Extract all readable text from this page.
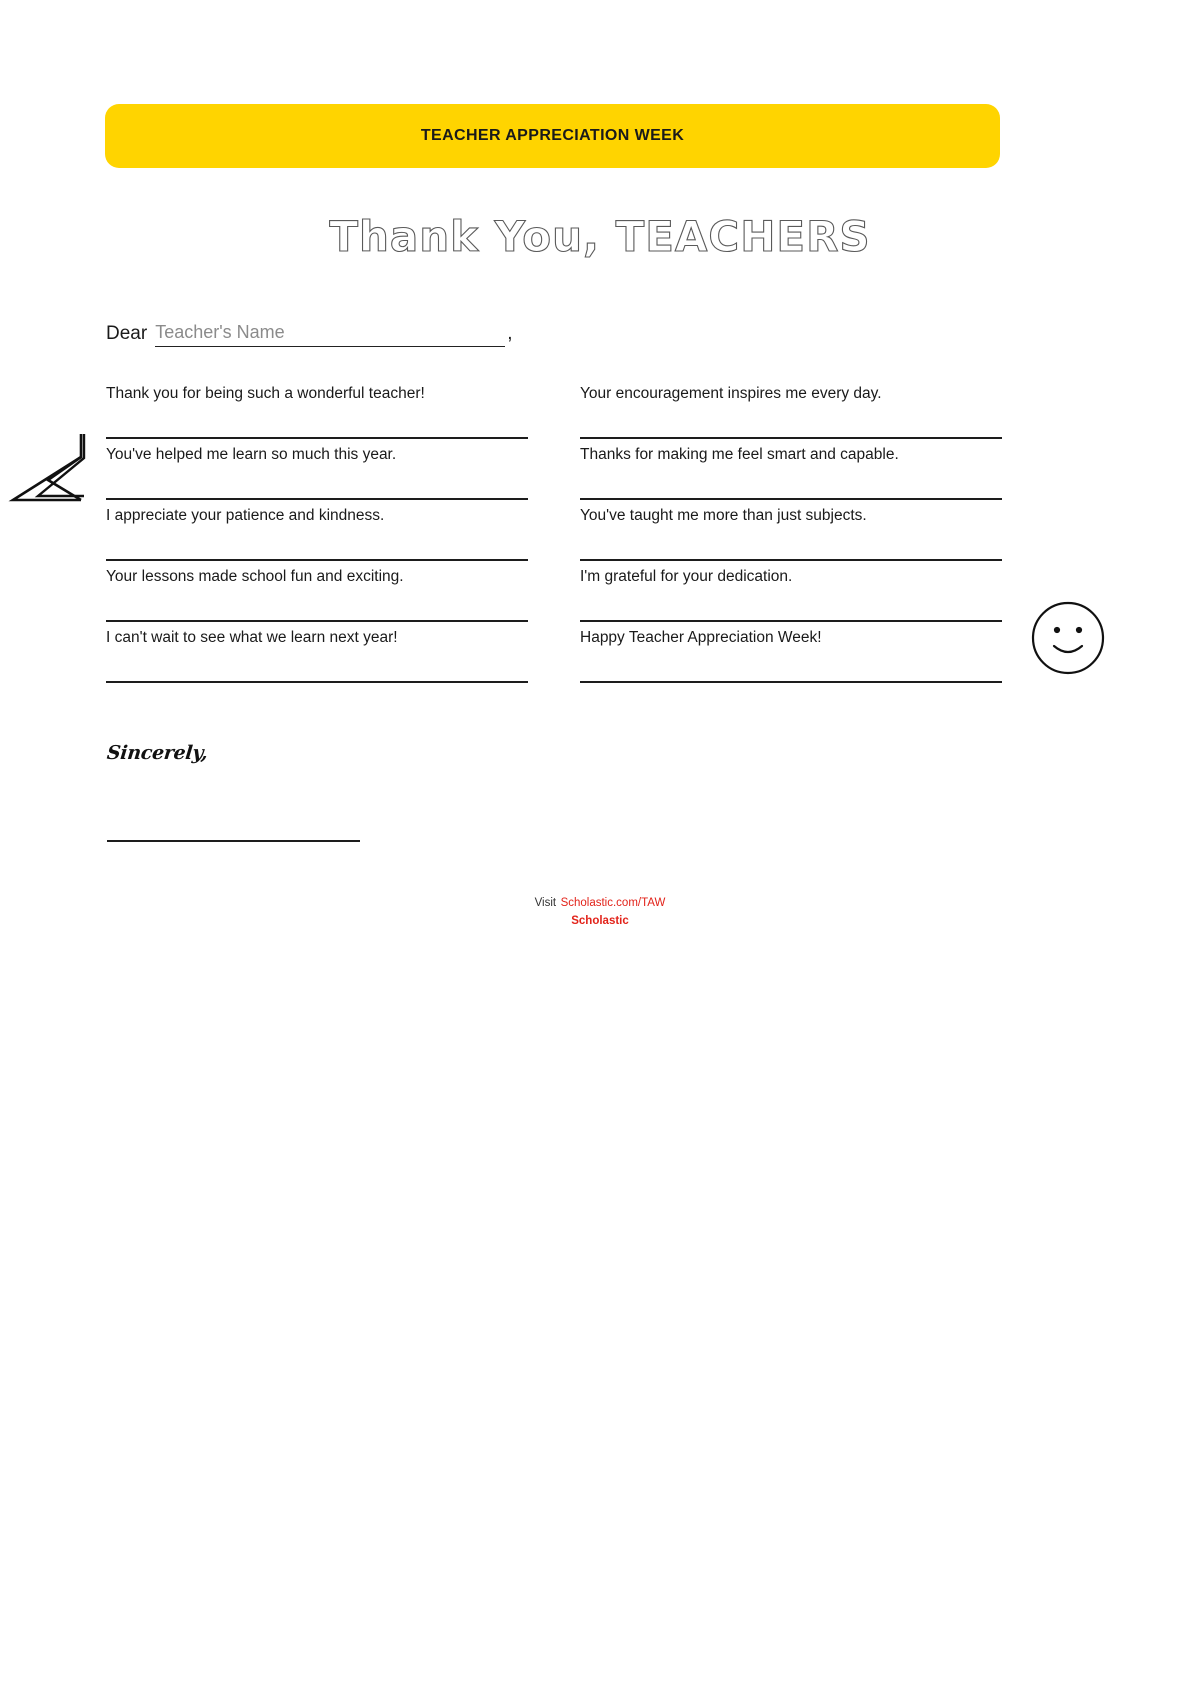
TEACHER APPRECIATION WEEK
Thank You, TEACHERS
Dear Teacher's Name	,
Thank you for being such a wonderful teacher!	Your encouragement inspires me every day.
You've helped me learn so much this year.	Thanks for making me feel smart and capable.
I appreciate your patience and kindness.	You've taught me more than just subjects.
Your lessons made school fun and exciting.	I'm grateful for your dedication.
I can't wait to see what we learn next year!	Happy Teacher Appreciation Week!
Sincerely,
Visit Scholastic.com/TAW
Scholastic
